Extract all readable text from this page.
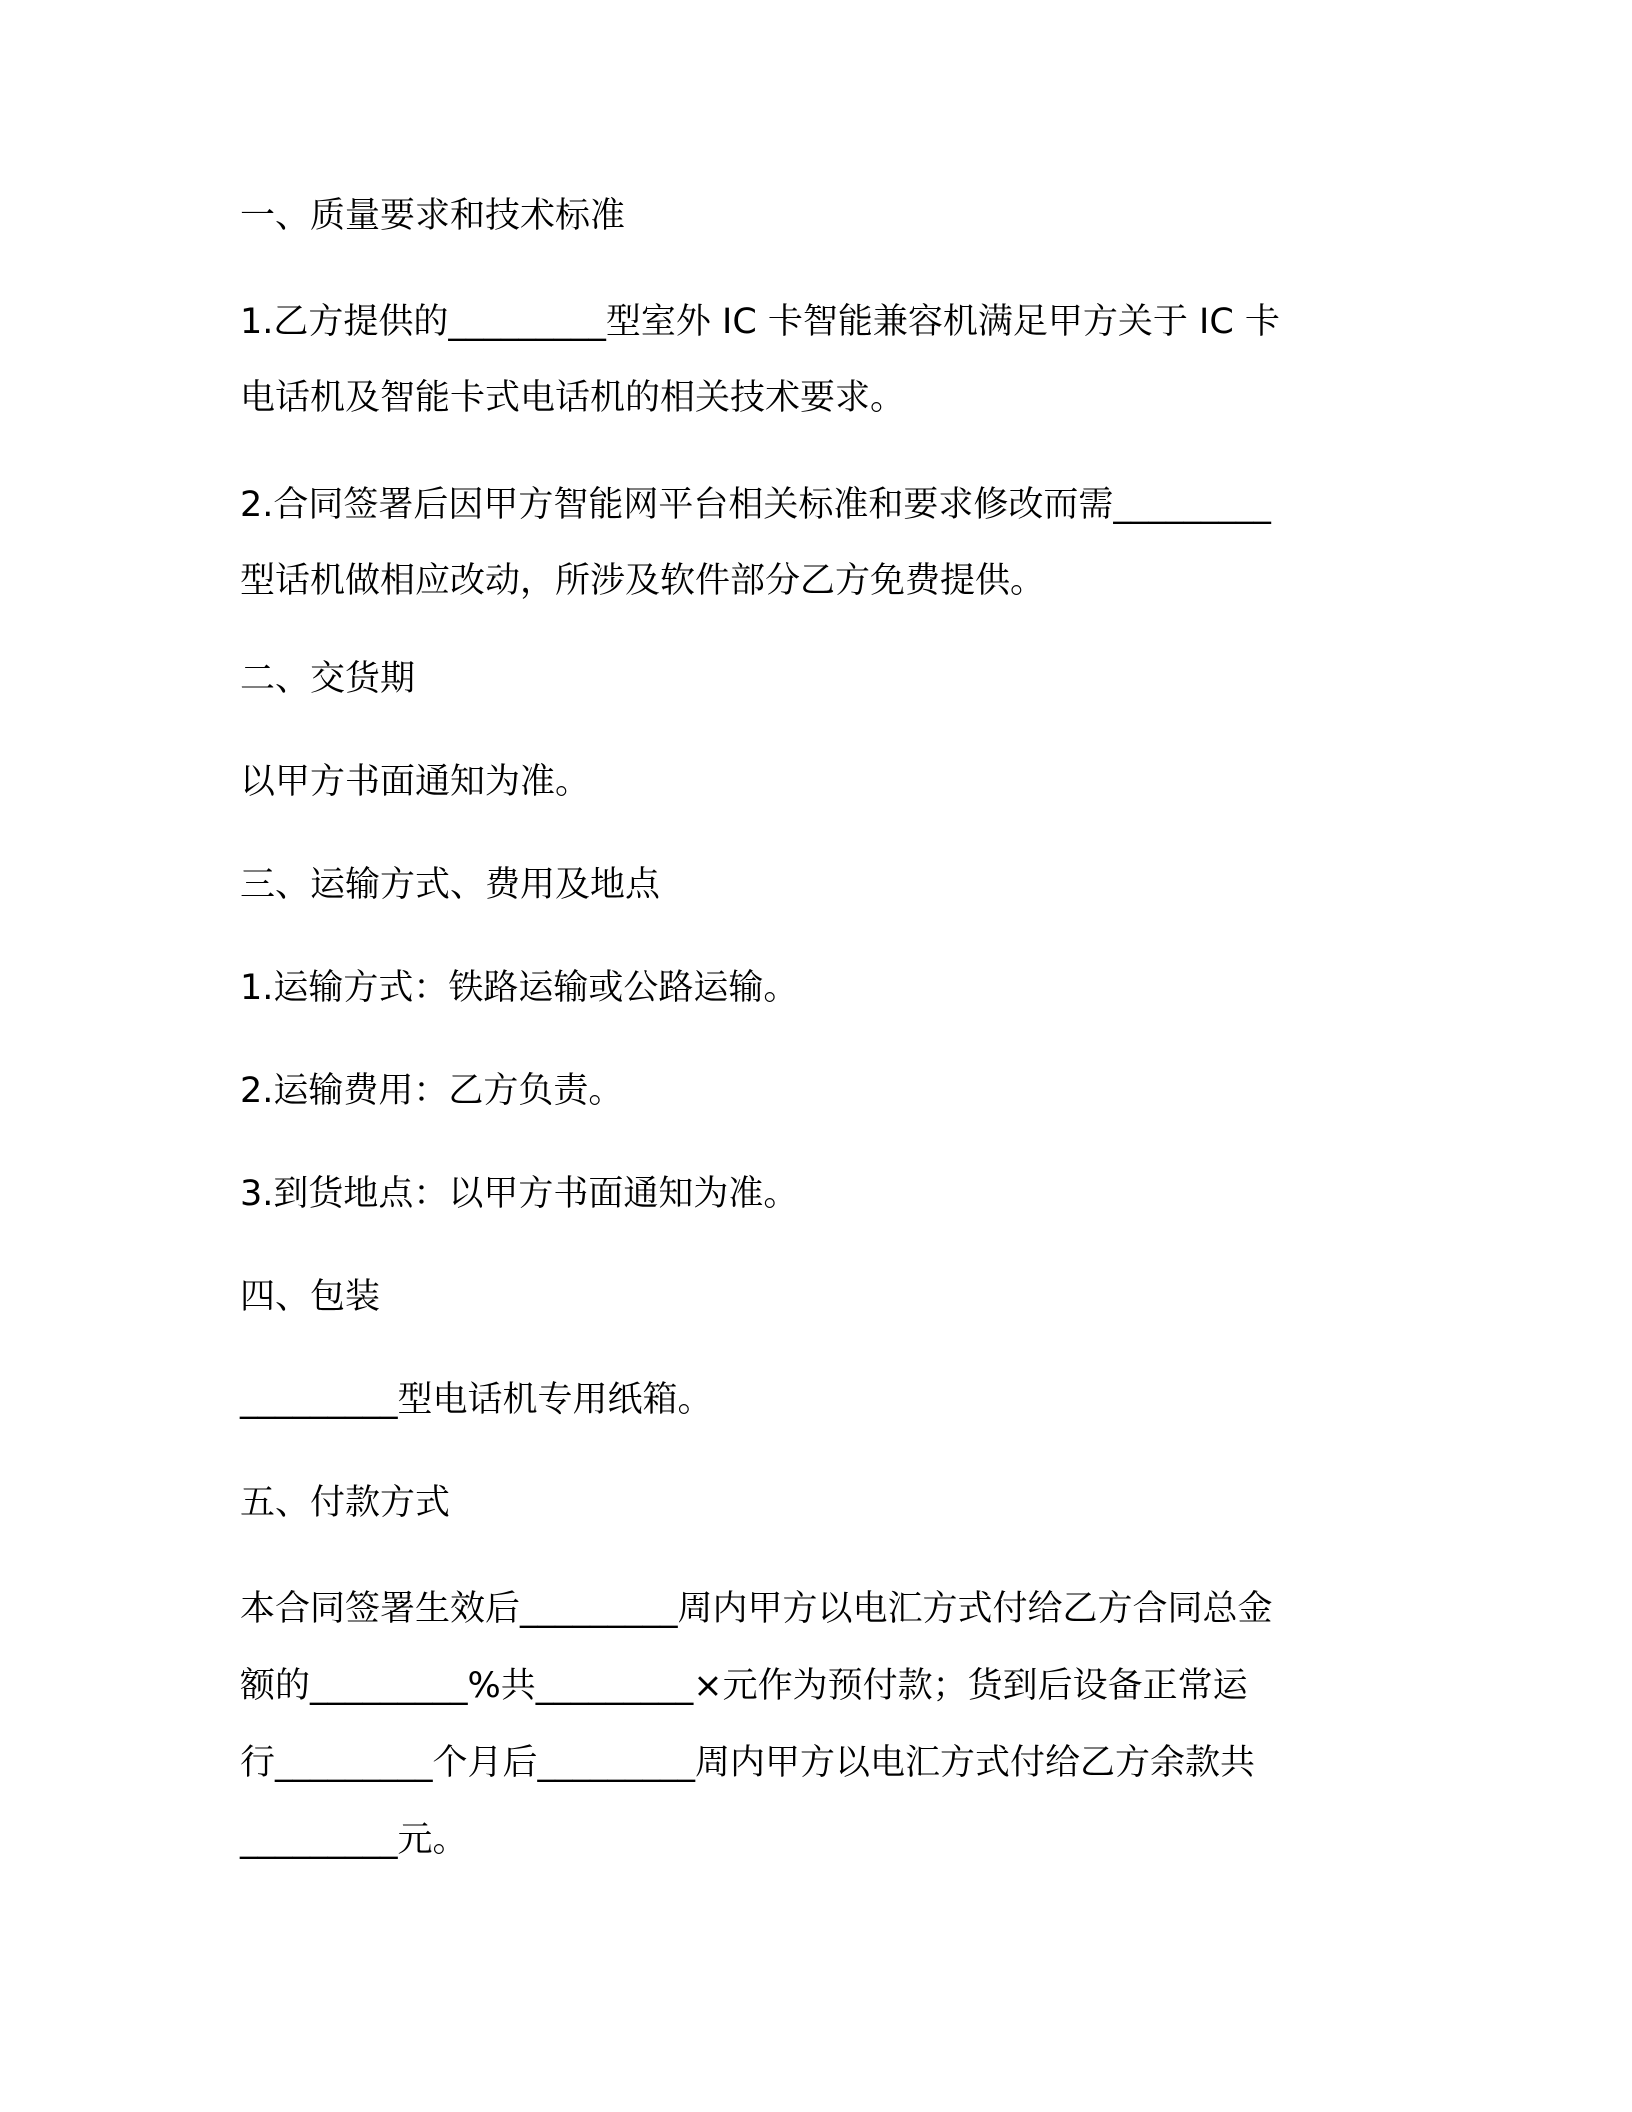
一、质量要求和技术标准
1.乙方提供的_________型室外 IC 卡智能兼容机满足甲方关于 IC 卡
电话机及智能卡式电话机的相关技术要求。
2.合同签署后因甲方智能网平台相关标准和要求修改而需_________
型话机做相应改动，所涉及软件部分乙方免费提供。
二、交货期
以甲方书面通知为准。
三、运输方式、费用及地点
1.运输方式：铁路运输或公路运输。
2.运输费用：乙方负责。
3.到货地点：以甲方书面通知为准。
四、包装
_________型电话机专用纸箱。
五、付款方式
本合同签署生效后_________周内甲方以电汇方式付给乙方合同总金
额的_________%共_________×元作为预付款；货到后设备正常运
行_________个月后_________周内甲方以电汇方式付给乙方余款共
_________元。
